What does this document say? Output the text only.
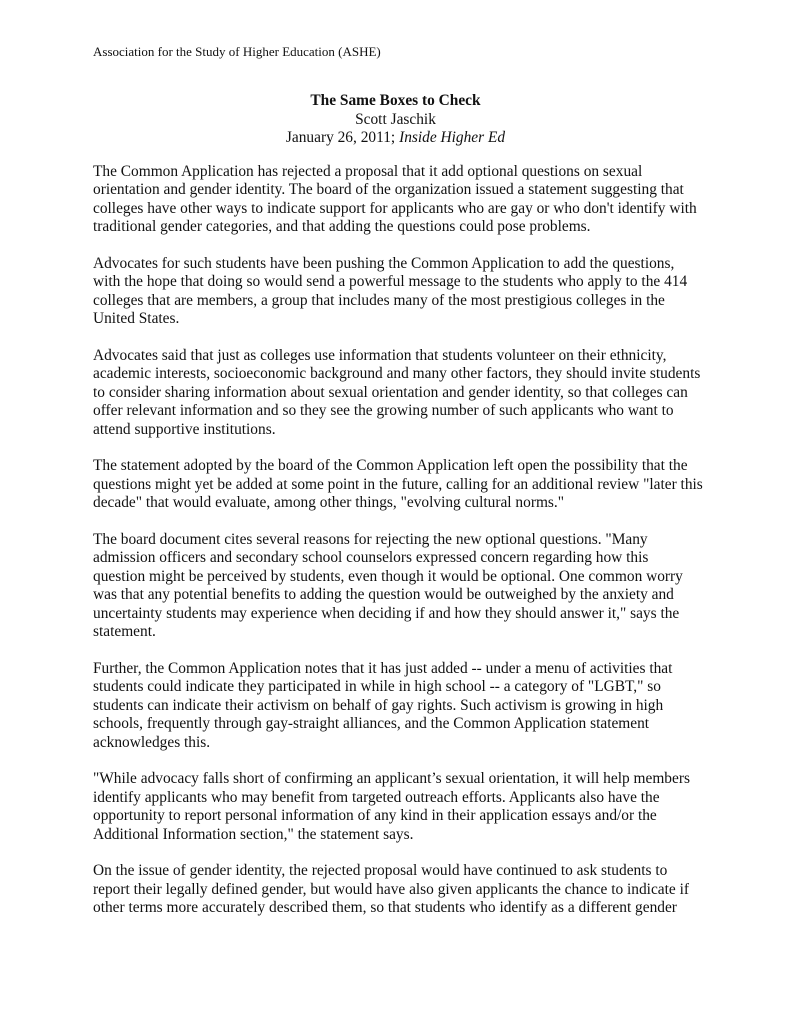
Association for the Study of Higher Education (ASHE)
The Same Boxes to Check
Scott Jaschik
January 26, 2011; Inside Higher Ed

The Common Application has rejected a proposal that it add optional questions on sexual orientation and gender identity. The board of the organization issued a statement suggesting that colleges have other ways to indicate support for applicants who are gay or who don't identify with traditional gender categories, and that adding the questions could pose problems.

Advocates for such students have been pushing the Common Application to add the questions, with the hope that doing so would send a powerful message to the students who apply to the 414 colleges that are members, a group that includes many of the most prestigious colleges in the United States.

Advocates said that just as colleges use information that students volunteer on their ethnicity, academic interests, socioeconomic background and many other factors, they should invite students to consider sharing information about sexual orientation and gender identity, so that colleges can offer relevant information and so they see the growing number of such applicants who want to attend supportive institutions.

The statement adopted by the board of the Common Application left open the possibility that the questions might yet be added at some point in the future, calling for an additional review "later this decade" that would evaluate, among other things, "evolving cultural norms."

The board document cites several reasons for rejecting the new optional questions. "Many admission officers and secondary school counselors expressed concern regarding how this question might be perceived by students, even though it would be optional. One common worry was that any potential benefits to adding the question would be outweighed by the anxiety and uncertainty students may experience when deciding if and how they should answer it," says the statement.

Further, the Common Application notes that it has just added -- under a menu of activities that students could indicate they participated in while in high school -- a category of "LGBT," so students can indicate their activism on behalf of gay rights. Such activism is growing in high schools, frequently through gay-straight alliances, and the Common Application statement acknowledges this.

"While advocacy falls short of confirming an applicant’s sexual orientation, it will help members identify applicants who may benefit from targeted outreach efforts. Applicants also have the opportunity to report personal information of any kind in their application essays and/or the Additional Information section," the statement says.

On the issue of gender identity, the rejected proposal would have continued to ask students to report their legally defined gender, but would have also given applicants the chance to indicate if other terms more accurately described them, so that students who identify as a different gender
